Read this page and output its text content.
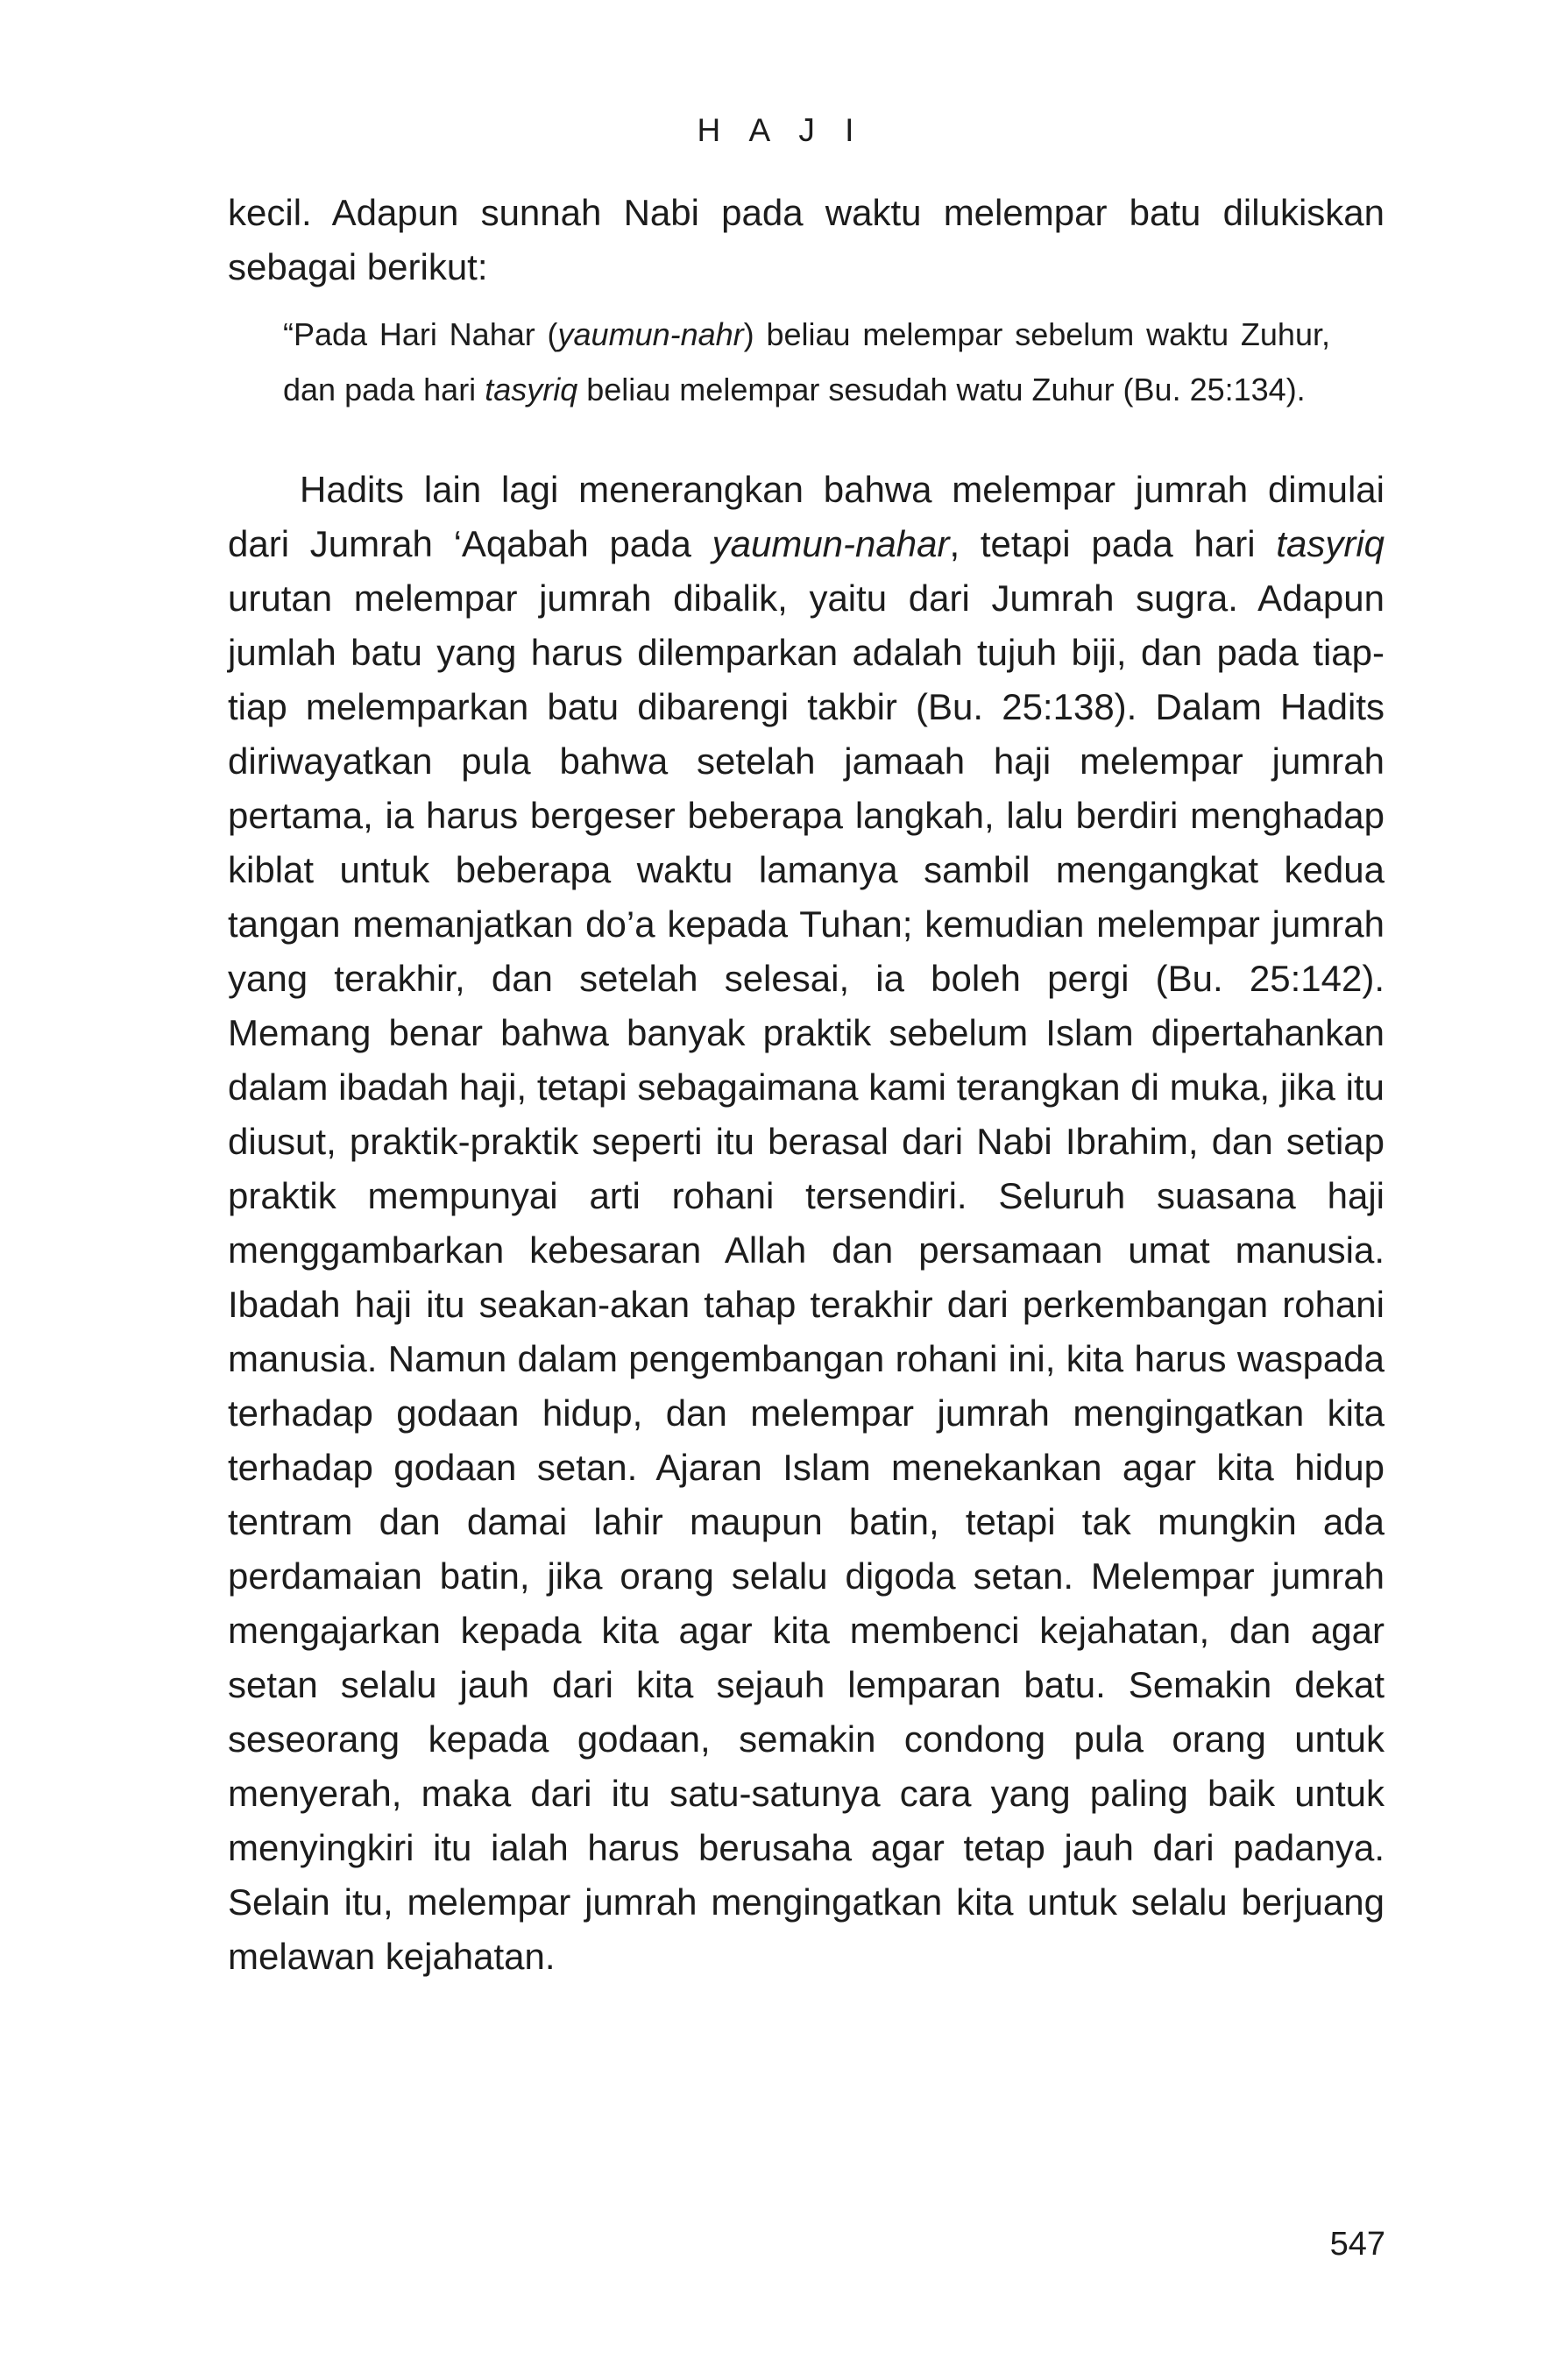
H A J I

kecil. Adapun sunnah Nabi pada waktu melempar batu dilukiskan sebagai berikut:

“Pada Hari Nahar (yaumun-nahr) beliau melempar sebelum waktu Zuhur, dan pada hari tasyriq beliau melempar sesudah watu Zuhur (Bu. 25:134).

Hadits lain lagi menerangkan bahwa melempar jumrah dimulai dari Jumrah ‘Aqabah pada yaumun-nahar, tetapi pada hari tasyriq urutan melempar jumrah dibalik, yaitu dari Jumrah sugra. Adapun jumlah batu yang harus dilemparkan adalah tujuh biji, dan pada tiap-tiap melemparkan batu dibarengi takbir (Bu. 25:138). Dalam Hadits diriwayatkan pula bahwa setelah jamaah haji melempar jumrah pertama, ia harus bergeser beberapa langkah, lalu berdiri menghadap kiblat untuk beberapa waktu lamanya sambil mengangkat kedua tangan memanjatkan do’a kepada Tuhan; kemudian melempar jumrah yang terakhir, dan setelah selesai, ia boleh pergi (Bu. 25:142). Memang benar bahwa banyak praktik sebelum Islam dipertahankan dalam ibadah haji, tetapi sebagaimana kami terangkan di muka, jika itu diusut, praktik-praktik seperti itu berasal dari Nabi Ibrahim, dan setiap praktik mempunyai arti rohani tersendiri. Seluruh suasana haji menggambarkan kebesaran Allah dan persamaan umat manusia. Ibadah haji itu seakan-akan tahap terakhir dari perkembangan rohani manusia. Namun dalam pengembangan rohani ini, kita harus waspada terhadap godaan hidup, dan melempar jumrah mengingatkan kita terhadap godaan setan. Ajaran Islam menekankan agar kita hidup tentram dan damai lahir maupun batin, tetapi tak mungkin ada perdamaian batin, jika orang selalu digoda setan. Melempar jumrah mengajarkan kepada kita agar kita membenci kejahatan, dan agar setan selalu jauh dari kita sejauh lemparan batu. Semakin dekat seseorang kepada godaan, semakin condong pula orang untuk menyerah, maka dari itu satu-satunya cara yang paling baik untuk menyingkiri itu ialah harus berusaha agar tetap jauh dari padanya. Selain itu, melempar jumrah mengingatkan kita untuk selalu berjuang melawan kejahatan.

547
